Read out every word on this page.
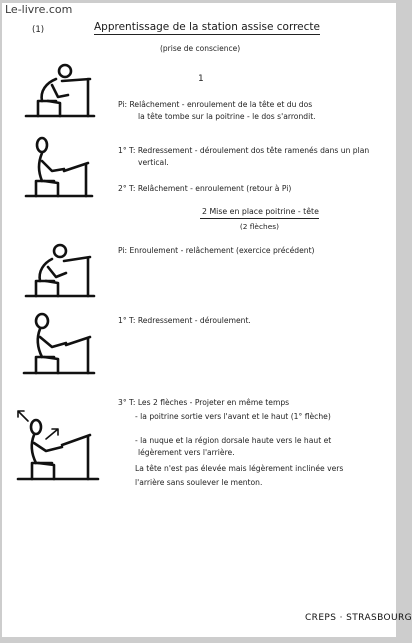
(1)	Apprentissage de la station assise correcte
(prise de conscience)
1
Pi: Relâchement - enroulement de la tête et du dos
la tête tombe sur la poitrine - le dos s'arrondit.
1° T: Redressement - déroulement dos tête ramenés dans un plan
vertical.
2° T: Relâchement - enroulement (retour à Pi)
2 Mise en place poitrine - tête
(2 flèches)
Pi: Enroulement - relâchement (exercice précédent)
1° T: Redressement - déroulement.
3° T: Les 2 flèches - Projeter en même temps
- la poitrine sortie vers l'avant et le haut (1° flèche)
- la nuque et la région dorsale haute vers le haut et
légèrement vers l'arrière.
La tête n'est pas élevée mais légèrement inclinée vers
l'arrière sans soulever le menton.
CREPS · STRASBOURG
Le-livre.com
